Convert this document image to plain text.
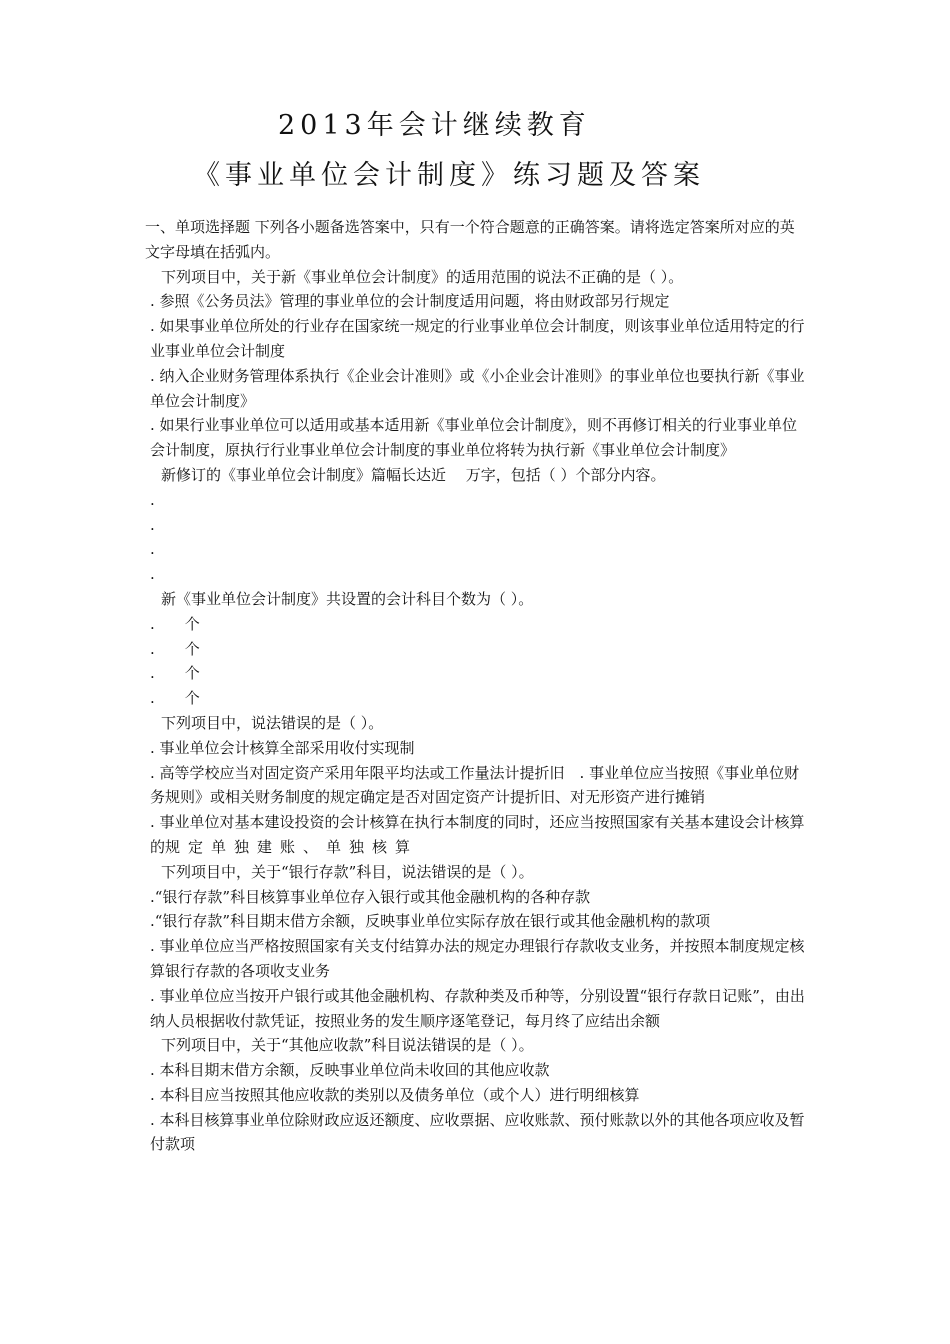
2013年会计继续教育
《事业单位会计制度》练习题及答案

一、单项选择题 下列各小题备选答案中，只有一个符合题意的正确答案。请将选定答案所对应的英文字母填在括弧内。

下列项目中，关于新《事业单位会计制度》的适用范围的说法不正确的是（ ）。

. 参照《公务员法》管理的事业单位的会计制度适用问题，将由财政部另行规定

. 如果事业单位所处的行业存在国家统一规定的行业事业单位会计制度，则该事业单位适用特定的行业事业单位会计制度

. 纳入企业财务管理体系执行《企业会计准则》或《小企业会计准则》的事业单位也要执行新《事业单位会计制度》

. 如果行业事业单位可以适用或基本适用新《事业单位会计制度》，则不再修订相关的行业事业单位会计制度，原执行行业事业单位会计制度的事业单位将转为执行新《事业单位会计制度》

新修订的《事业单位会计制度》篇幅长达近　 万字，包括（ ）个部分内容。

.

.

.

.

新《事业单位会计制度》共设置的会计科目个数为（ ）。

.　　个

.　　个

.　　个

.　　个

下列项目中，说法错误的是（ ）。

. 事业单位会计核算全部采用收付实现制

. 高等学校应当对固定资产采用年限平均法或工作量法计提折旧　. 事业单位应当按照《事业单位财务规则》或相关财务制度的规定确定是否对固定资产计提折旧、对无形资产进行摊销

. 事业单位对基本建设投资的会计核算在执行本制度的同时，还应当按照国家有关基本建设会计核算的规定单独建账、单独核算

下列项目中，关于“银行存款”科目，说法错误的是（ ）。

.“银行存款”科目核算事业单位存入银行或其他金融机构的各种存款

.“银行存款”科目期末借方余额，反映事业单位实际存放在银行或其他金融机构的款项

. 事业单位应当严格按照国家有关支付结算办法的规定办理银行存款收支业务，并按照本制度规定核算银行存款的各项收支业务

. 事业单位应当按开户银行或其他金融机构、存款种类及币种等，分别设置“银行存款日记账”，由出纳人员根据收付款凭证，按照业务的发生顺序逐笔登记，每月终了应结出余额

下列项目中，关于“其他应收款”科目说法错误的是（ ）。

. 本科目期末借方余额，反映事业单位尚未收回的其他应收款

. 本科目应当按照其他应收款的类别以及债务单位（或个人）进行明细核算

. 本科目核算事业单位除财政应返还额度、应收票据、应收账款、预付账款以外的其他各项应收及暂付款项
